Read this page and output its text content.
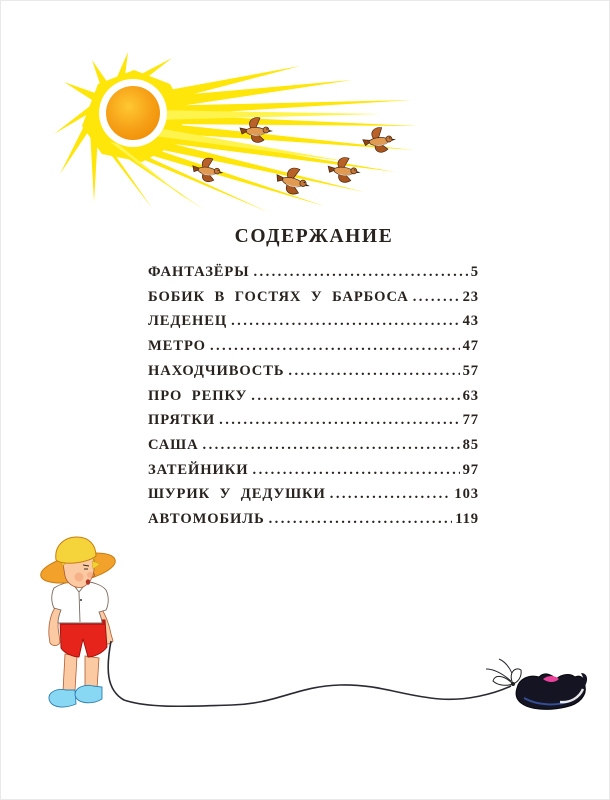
СОДЕРЖАНИЕ
ФАНТАЗЁРЫ .....	5
БОБИК В ГОСТЯХ У БАРБОСА .....	23
ЛЕДЕНЕЦ .....	43
МЕТРО .....	47
НАХОДЧИВОСТЬ .....	57
ПРО РЕПКУ .....	63
ПРЯТКИ .....	77
САША .....	85
ЗАТЕЙНИКИ .....	97
ШУРИК У ДЕДУШКИ .....	103
АВТОМОБИЛЬ .....	119
